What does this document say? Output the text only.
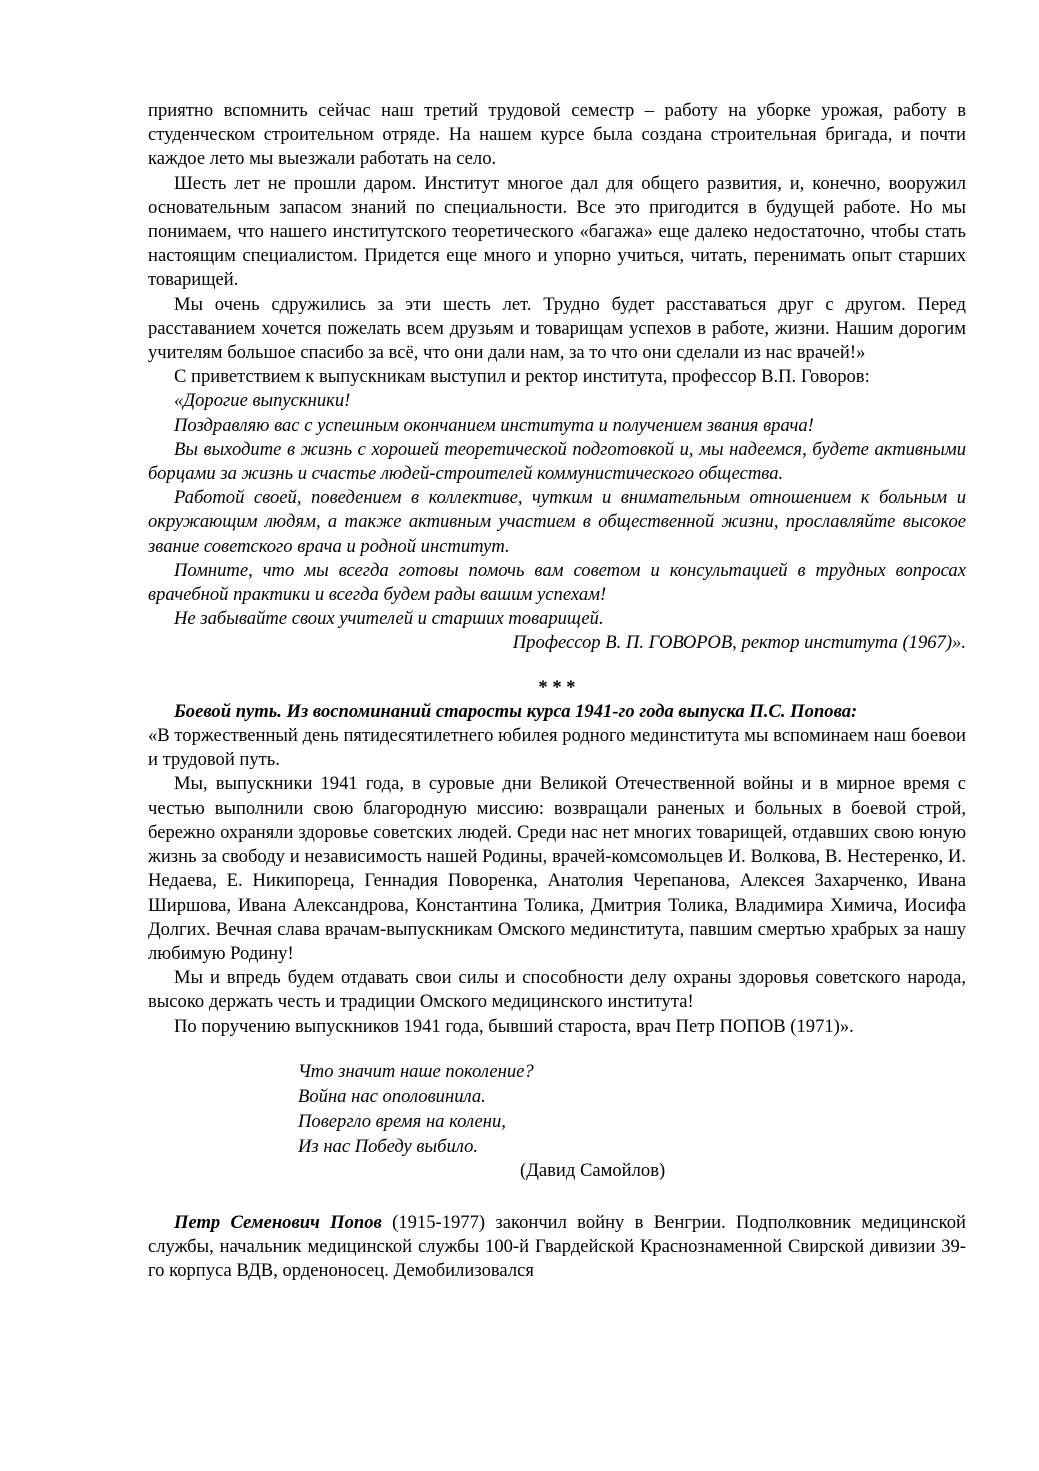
приятно вспомнить сейчас наш третий трудовой семестр – работу на уборке урожая, работу в студенческом строительном отряде. На нашем курсе была создана строительная бригада, и почти каждое лето мы выезжали работать на село.

Шесть лет не прошли даром. Институт многое дал для общего развития, и, конечно, вооружил основательным запасом знаний по специальности. Все это пригодится в будущей работе. Но мы понимаем, что нашего институтского теоретического «багажа» еще далеко недостаточно, чтобы стать настоящим специалистом. Придется еще много и упорно учиться, читать, перенимать опыт старших товарищей.

Мы очень сдружились за эти шесть лет. Трудно будет расставаться друг с другом. Перед расставанием хочется пожелать всем друзьям и товарищам успехов в работе, жизни. Нашим дорогим учителям большое спасибо за всё, что они дали нам, за то что они сделали из нас врачей!»

С приветствием к выпускникам выступил и ректор института, профессор В.П. Говоров:

«Дорогие выпускники!

Поздравляю вас с успешным окончанием института и получением звания врача!

Вы выходите в жизнь с хорошей теоретической подготовкой и, мы надеемся, будете активными борцами за жизнь и счастье людей-строителей коммунистического общества.

Работой своей, поведением в коллективе, чутким и внимательным отношением к больным и окружающим людям, а также активным участием в общественной жизни, прославляйте высокое звание советского врача и родной институт.

Помните, что мы всегда готовы помочь вам советом и консультацией в трудных вопросах врачебной практики и всегда будем рады вашим успехам!

Не забывайте своих учителей и старших товарищей.

Профессор В. П. ГОВОРОВ, ректор института (1967)».

* * *

Боевой путь. Из воспоминаний старосты курса 1941-го года выпуска П.С. Попова:

«В торжественный день пятидесятилетнего юбилея родного мединститута мы вспоминаем наш боевои и трудовой путь.

Мы, выпускники 1941 года, в суровые дни Великой Отечественной войны и в мирное время с честью выполнили свою благородную миссию: возвращали раненых и больных в боевой строй, бережно охраняли здоровье советских людей. Среди нас нет многих товарищей, отдавших свою юную жизнь за свободу и независимость нашей Родины, врачей-комсомольцев И. Волкова, В. Нестеренко, И. Недаева, Е. Никипореца, Геннадия Поворенка, Анатолия Черепанова, Алексея Захарченко, Ивана Ширшова, Ивана Александрова, Константина Толика, Дмитрия Толика, Владимира Химича, Иосифа Долгих. Вечная слава врачам-выпускникам Омского мединститута, павшим смертью храбрых за нашу любимую Родину!

Мы и впредь будем отдавать свои силы и способности делу охраны здоровья советского народа, высоко держать честь и традиции Омского медицинского института!

По поручению выпускников 1941 года, бывший староста, врач Петр ПОПОВ (1971)».

Что значит наше поколение?
Война нас ополовинила.
Повергло время на колени,
Из нас Победу выбило.
(Давид Самойлов)

Петр Семенович Попов (1915-1977) закончил войну в Венгрии. Подполковник медицинской службы, начальник медицинской службы 100-й Гвардейской Краснознаменной Свирской дивизии 39-го корпуса ВДВ, орденоносец. Демобилизовался
